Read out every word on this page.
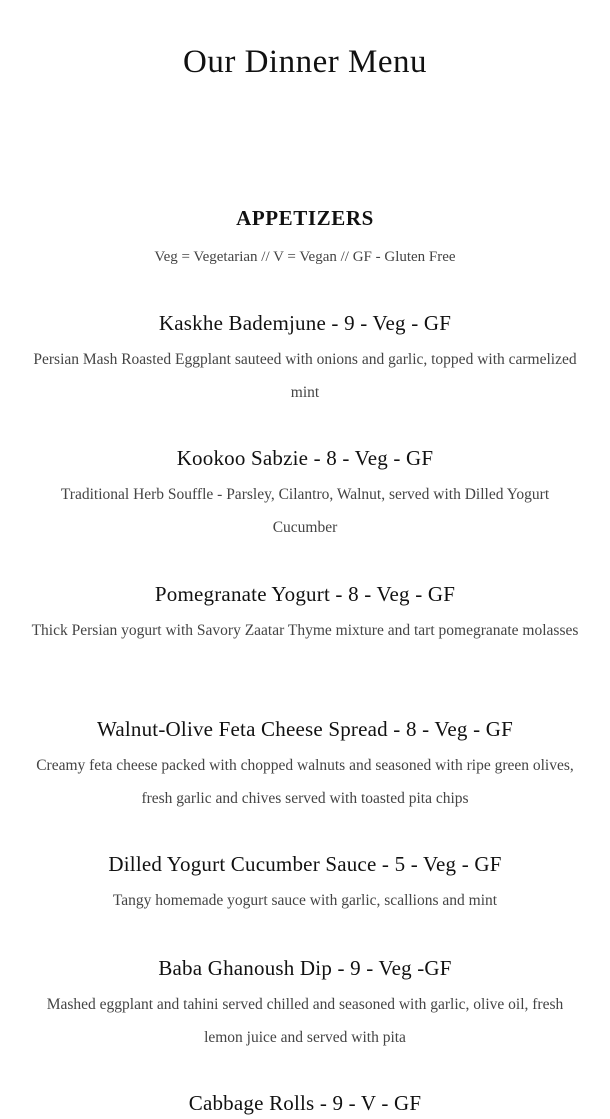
Our Dinner Menu
APPETIZERS

Veg = Vegetarian // V = Vegan // GF - Gluten Free

Kaskhe Bademjune - 9 - Veg - GF

Persian Mash Roasted Eggplant sauteed with onions and garlic, topped with carmelized mint

Kookoo Sabzie - 8 - Veg - GF

Traditional Herb Souffle - Parsley, Cilantro, Walnut, served with Dilled Yogurt Cucumber

Pomegranate Yogurt - 8 - Veg - GF

Thick Persian yogurt with Savory Zaatar Thyme mixture and tart pomegranate molasses

Walnut-Olive Feta Cheese Spread - 8 - Veg - GF

Creamy feta cheese packed with chopped walnuts and seasoned with ripe green olives, fresh garlic and chives served with toasted pita chips

Dilled Yogurt Cucumber Sauce - 5 - Veg - GF

Tangy homemade yogurt sauce with garlic, scallions and mint

Baba Ghanoush Dip - 9 - Veg -GF

Mashed eggplant and tahini served chilled and seasoned with garlic, olive oil, fresh lemon juice and served with pita

Cabbage Rolls - 9 - V - GF
